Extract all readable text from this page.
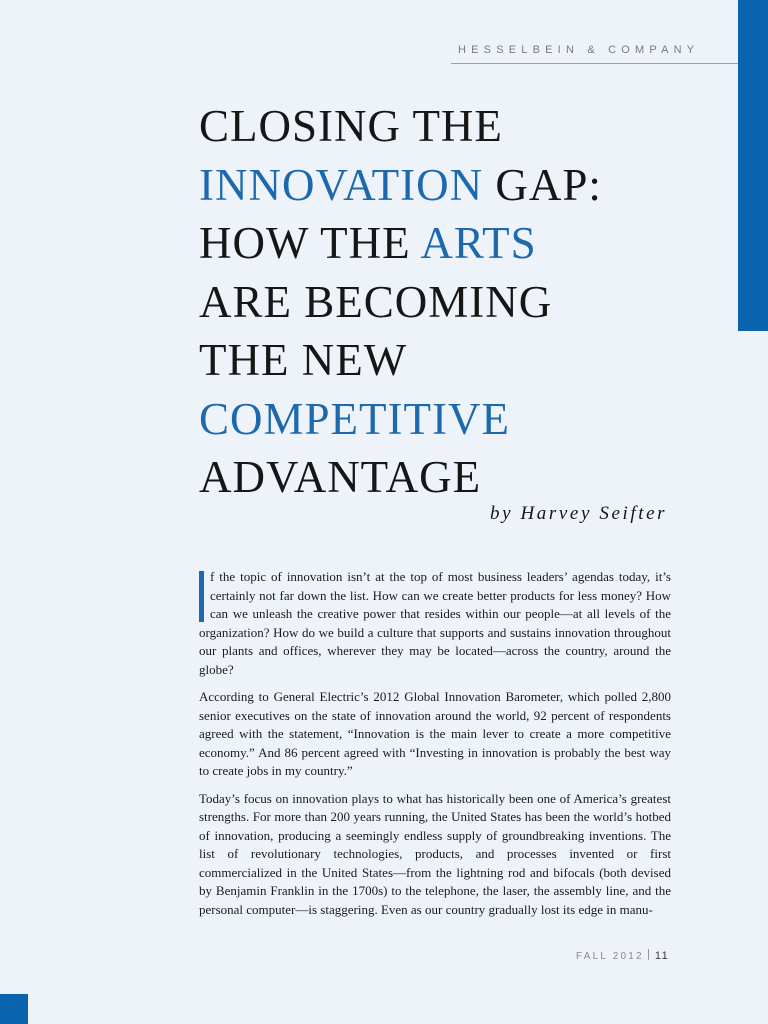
HESSELBEIN & COMPANY
CLOSING THE
INNOVATION GAP:
HOW THE ARTS
ARE BECOMING
THE NEW
COMPETITIVE
ADVANTAGE
by Harvey Seifter

f the topic of innovation isn’t at the top of most business leaders’ agendas today, it’s certainly not far down the list. How can we create better products for less money? How can we unleash the creative power that resides within our people—at all levels of the organization? How do we build a culture that supports and sustains innovation throughout our plants and offices, wherever they may be located—across the country, around the globe?

According to General Electric’s 2012 Global Innovation Barometer, which polled 2,800 senior executives on the state of innovation around the world, 92 percent of respondents agreed with the statement, “Innovation is the main lever to create a more competitive economy.” And 86 percent agreed with “Investing in innovation is probably the best way to create jobs in my country.”

Today’s focus on innovation plays to what has historically been one of America’s greatest strengths. For more than 200 years running, the United States has been the world’s hotbed of innovation, producing a seemingly endless supply of groundbreaking inventions. The list of revolutionary technologies, products, and processes invented or first commercialized in the United States—from the lightning rod and bifocals (both devised by Benjamin Franklin in the 1700s) to the telephone, the laser, the assembly line, and the personal computer—is staggering. Even as our country gradually lost its edge in manu-

FALL 2012 11
